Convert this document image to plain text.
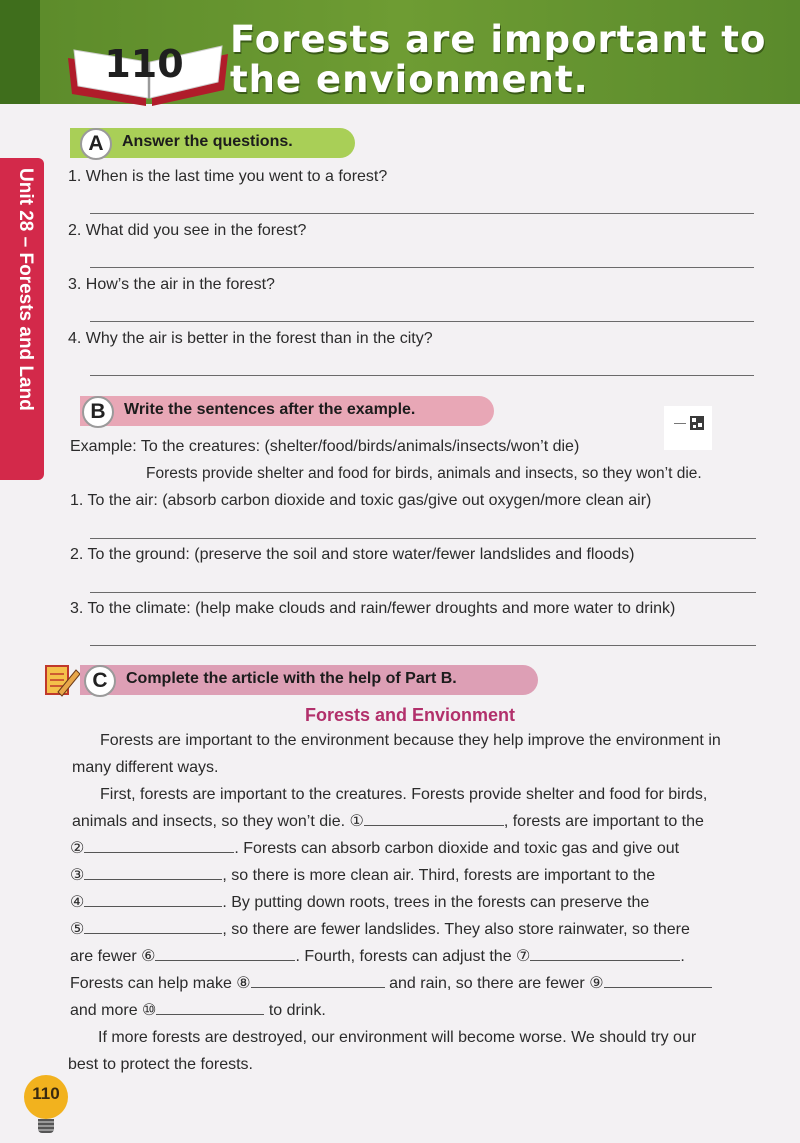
110
Forests are important to
the envionment.
Unit 28 – Forests and Land
A	Answer the questions.
1. When is the last time you went to a forest?
2. What did you see in the forest?
3. How’s the air in the forest?
4. Why the air is better in the forest than in the city?
B	Write the sentences after the example.
Example: To the creatures: (shelter/food/birds/animals/insects/won’t die)
Forests provide shelter and food for birds, animals and insects, so they won’t die.
1. To the air: (absorb carbon dioxide and toxic gas/give out oxygen/more clean air)
2. To the ground: (preserve the soil and store water/fewer landslides and floods)
3. To the climate: (help make clouds and rain/fewer droughts and more water to drink)
C	Complete the article with the help of Part B.
Forests and Envionment
Forests are important to the environment because they help improve the environment in
many different ways.
First, forests are important to the creatures. Forests provide shelter and food for birds,
animals and insects, so they won’t die. ①	, forests are important to the
②	. Forests can absorb carbon dioxide and toxic gas and give out
③	, so there is more clean air. Third, forests are important to the
④	. By putting down roots, trees in the forests can preserve the
⑤	, so there are fewer landslides. They also store rainwater, so there
are fewer ⑥	. Fourth, forests can adjust the ⑦	.
Forests can help make ⑧	and rain, so there are fewer ⑨
and more ⑩	to drink.
If more forests are destroyed, our environment will become worse. We should try our
best to protect the forests.
110
